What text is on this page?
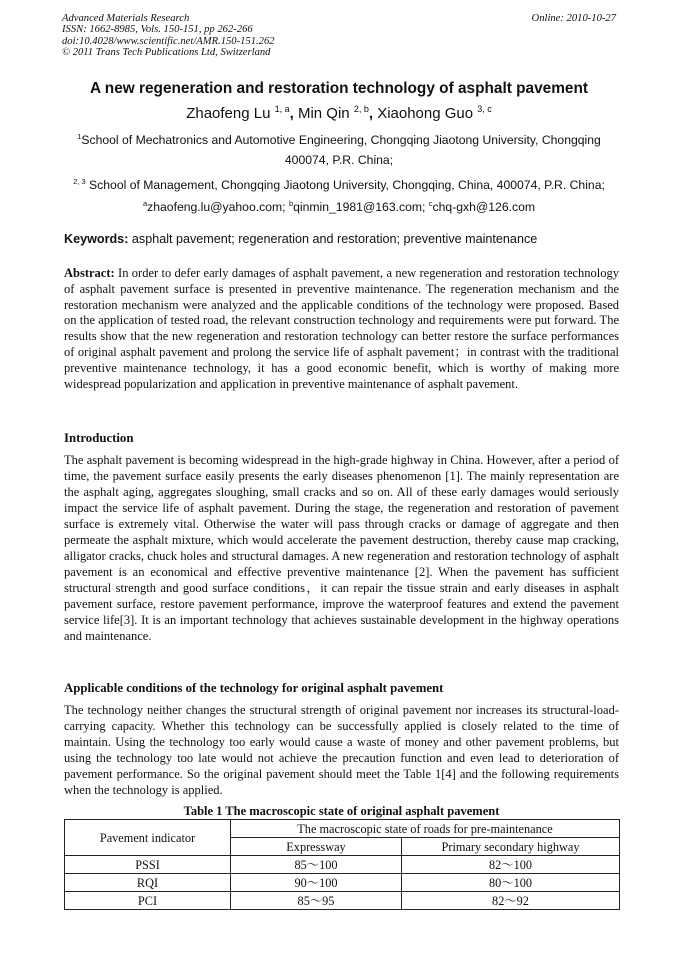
Advanced Materials Research
ISSN: 1662-8985, Vols. 150-151, pp 262-266
doi:10.4028/www.scientific.net/AMR.150-151.262
© 2011 Trans Tech Publications Ltd, Switzerland
Online: 2010-10-27
A new regeneration and restoration technology of asphalt pavement
Zhaofeng Lu $^{1, a}$, Min Qin $^{2, b}$, Xiaohong Guo $^{3, c}$
$^1$School of Mechatronics and Automotive Engineering, Chongqing Jiaotong University, Chongqing
400074, P.R. China;
$^{2, 3}$ School of Management, Chongqing Jiaotong University, Chongqing, China, 400074, P.R. China;
$^a$zhaofeng.lu@yahoo.com; $^b$qinmin_1981@163.com; $^c$chq-gxh@126.com
Keywords: asphalt pavement; regeneration and restoration; preventive maintenance
Abstract: In order to defer early damages of asphalt pavement, a new regeneration and restoration technology of asphalt pavement surface is presented in preventive maintenance. The regeneration mechanism and the restoration mechanism were analyzed and the applicable conditions of the technology were proposed. Based on the application of tested road, the relevant construction technology and requirements were put forward. The results show that the new regeneration and restoration technology can better restore the surface performances of original asphalt pavement and prolong the service life of asphalt pavement；in contrast with the traditional preventive maintenance technology, it has a good economic benefit, which is worthy of making more widespread popularization and application in preventive maintenance of asphalt pavement.
Introduction
The asphalt pavement is becoming widespread in the high-grade highway in China. However, after a period of time, the pavement surface easily presents the early diseases phenomenon [1]. The mainly representation are the asphalt aging, aggregates sloughing, small cracks and so on. All of these early damages would seriously impact the service life of asphalt pavement. During the stage, the regeneration and restoration of pavement surface is extremely vital. Otherwise the water will pass through cracks or damage of aggregate and then permeate the asphalt mixture, which would accelerate the pavement destruction, thereby cause map cracking, alligator cracks, chuck holes and structural damages. A new regeneration and restoration technology of asphalt pavement is an economical and effective preventive maintenance [2]. When the pavement has sufficient structural strength and good surface conditions，it can repair the tissue strain and early diseases in asphalt pavement surface, restore pavement performance, improve the waterproof features and extend the pavement service life[3]. It is an important technology that achieves sustainable development in the highway operations and maintenance.
Applicable conditions of the technology for original asphalt pavement
The technology neither changes the structural strength of original pavement nor increases its structural-load-carrying capacity. Whether this technology can be successfully applied is closely related to the time of maintain. Using the technology too early would cause a waste of money and other pavement problems, but using the technology too late would not achieve the precaution function and even lead to deterioration of pavement performance. So the original pavement should meet the Table 1[4] and the following requirements when the technology is applied.
Table 1 The macroscopic state of original asphalt pavement
Pavement indicator	The macroscopic state of roads for pre-maintenance	
	Expressway	Primary secondary highway
PSSI	85～100	82～100
RQI	90～100	80～100
PCI	85～95	82～92
